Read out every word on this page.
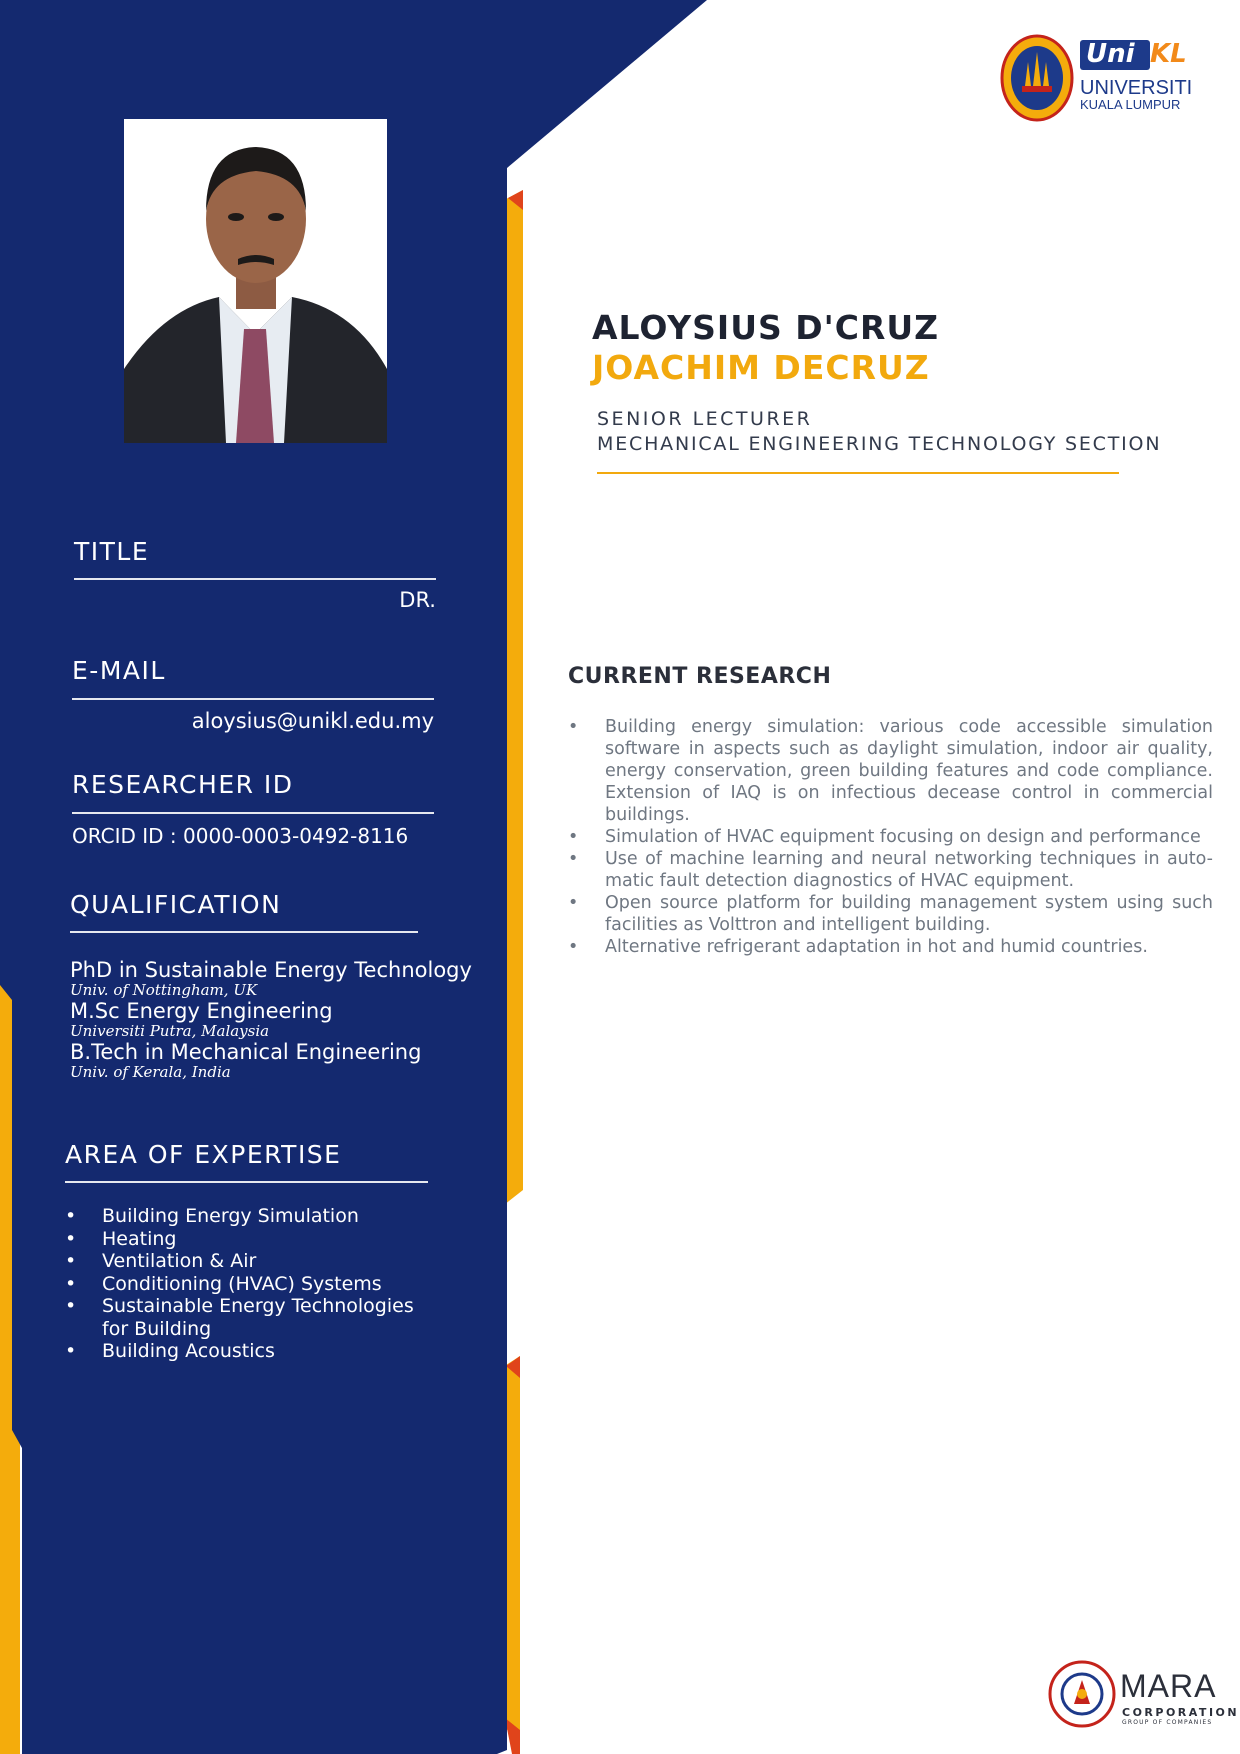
Uni KL
UNIVERSITI
KUALA LUMPUR
TITLE
DR.
E-MAIL
aloysius@unikl.edu.my
RESEARCHER ID
ORCID ID : 0000-0003-0492-8116
QUALIFICATION
PhD in Sustainable Energy Technology
Univ. of Nottingham, UK
M.Sc Energy Engineering
Universiti Putra, Malaysia
B.Tech in Mechanical Engineering
Univ. of Kerala, India
AREA OF EXPERTISE
• Building Energy Simulation
• Heating
• Ventilation & Air
• Conditioning (HVAC) Systems
• Sustainable Energy Technologies for Building
• Building Acoustics
ALOYSIUS D'CRUZ
JOACHIM DECRUZ
SENIOR LECTURER
MECHANICAL ENGINEERING TECHNOLOGY SECTION
CURRENT RESEARCH
• Building energy simulation: various code accessible simulation software in aspects such as daylight simulation, indoor air quality, energy conservation, green building features and code compliance. Extension of IAQ is on infectious decease control in commercial buildings.
• Simulation of HVAC equipment focusing on design and performance
• Use of machine learning and neural networking techniques in auto-matic fault detection diagnostics of HVAC equipment.
• Open source platform for building management system using such facilities as Volttron and intelligent building.
• Alternative refrigerant adaptation in hot and humid countries.
MARA
CORPORATION
GROUP OF COMPANIES
